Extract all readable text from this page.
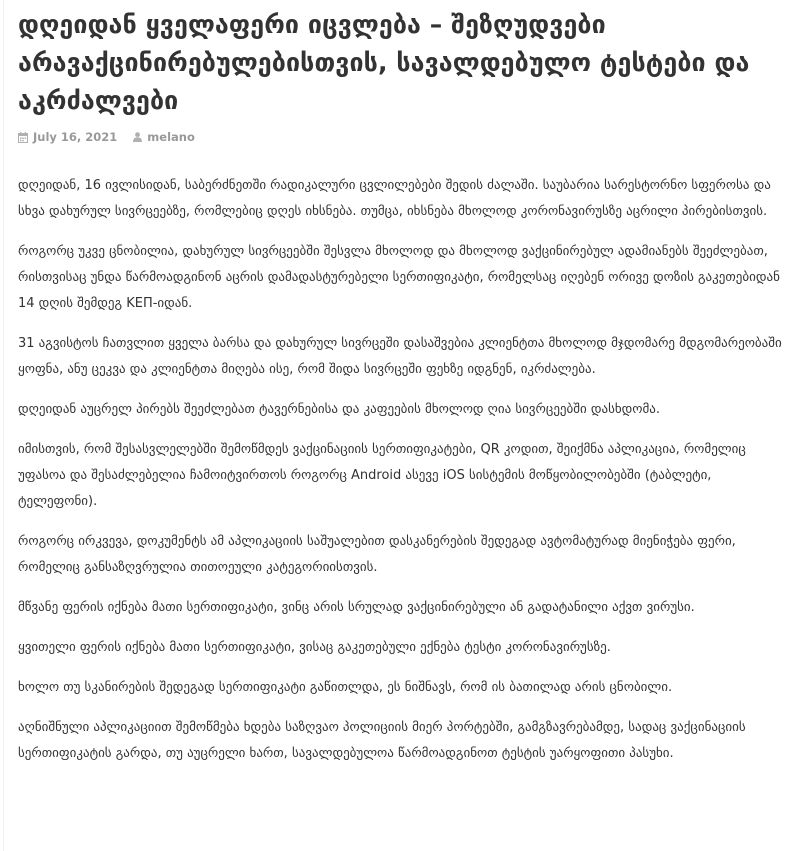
დღეიდან ყველაფერი იცვლება – შეზღუდვები არავაქცინირებულებისთვის, სავალდებულო ტესტები და აკრძალვები
July 16, 2021	melano

დღეიდან, 16 ივლისიდან, საბერძნეთში რადიკალური ცვლილებები შედის ძალაში. საუბარია სარესტორნო სფეროსა და სხვა დახურულ სივრცეებზე, რომლებიც დღეს იხსნება. თუმცა, იხსნება მხოლოდ კორონავირუსზე აცრილი პირებისთვის.

როგორც უკვე ცნობილია, დახურულ სივრცეებში შესვლა მხოლოდ და მხოლოდ ვაქცინირებულ ადამიანებს შეეძლებათ, რისთვისაც უნდა წარმოადგინონ აცრის დამადასტურებელი სერთიფიკატი, რომელსაც იღებენ ორივე დოზის გაკეთებიდან 14 დღის შემდეგ KEП-იდან.

31 აგვისტოს ჩათვლით ყველა ბარსა და დახურულ სივრცეში დასაშვებია კლიენტთა მხოლოდ მჯდომარე მდგომარეობაში ყოფნა, ანუ ცეკვა და კლიენტთა მიღება ისე, რომ შიდა სივრცეში ფეხზე იდგნენ, იკრძალება.

დღეიდან აუცრელ პირებს შეეძლებათ ტავერნებისა და კაფეების მხოლოდ ღია სივრცეებში დასხდომა.

იმისთვის, რომ შესასვლელებში შემოწმდეს ვაქცინაციის სერთიფიკატები, QR კოდით, შეიქმნა აპლიკაცია, რომელიც უფასოა და შესაძლებელია ჩამოიტვირთოს როგორც Android ასევე iOS სისტემის მოწყობილობებში (ტაბლეტი, ტელეფონი).

როგორც ირკვევა, დოკუმენტს ამ აპლიკაციის საშუალებით დასკანერების შედეგად ავტომატურად მიენიჭება ფერი, რომელიც განსაზღვრულია თითოეული კატეგორიისთვის.

მწვანე ფერის იქნება მათი სერთიფიკატი, ვინც არის სრულად ვაქცინირებული ან გადატანილი აქვთ ვირუსი.

ყვითელი ფერის იქნება მათი სერთიფიკატი, ვისაც გაკეთებული ექნება ტესტი კორონავირუსზე.

ხოლო თუ სკანირების შედეგად სერთიფიკატი გაწითლდა, ეს ნიშნავს, რომ ის ბათილად არის ცნობილი.

აღნიშნული აპლიკაციით შემოწმება ხდება საზღვაო პოლიციის მიერ პორტებში, გამგზავრებამდე, სადაც ვაქცინაციის სერთიფიკატის გარდა, თუ აუცრელი ხართ, სავალდებულოა წარმოადგინოთ ტესტის უარყოფითი პასუხი.
